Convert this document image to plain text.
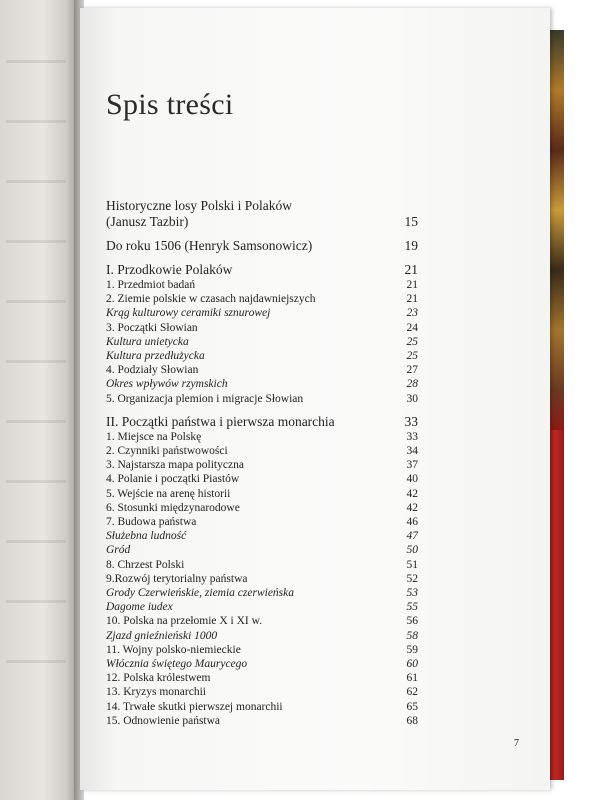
Spis treści
Historyczne losy Polski i Polaków
(Janusz Tazbir)	15
Do roku 1506 (Henryk Samsonowicz)	19
I. Przodkowie Polaków	21
1. Przedmiot badań	21
2. Ziemie polskie w czasach najdawniejszych	21
Krąg kulturowy ceramiki sznurowej	23
3. Początki Słowian	24
Kultura unietycka	25
Kultura przedłużycka	25
4. Podziały Słowian	27
Okres wpływów rzymskich	28
5. Organizacja plemion i migracje Słowian	30
II. Początki państwa i pierwsza monarchia	33
1. Miejsce na Polskę	33
2. Czynniki państwowości	34
3. Najstarsza mapa polityczna	37
4. Polanie i początki Piastów	40
5. Wejście na arenę historii	42
6. Stosunki międzynarodowe	42
7. Budowa państwa	46
Służebna ludność	47
Gród	50
8. Chrzest Polski	51
9.Rozwój terytorialny państwa	52
Grody Czerwieńskie, ziemia czerwieńska	53
Dagome iudex	55
10. Polska na przełomie X i XI w.	56
Zjazd gnieźnieński 1000	58
11. Wojny polsko-niemieckie	59
Włócznia świętego Maurycego	60
12. Polska królestwem	61
13. Kryzys monarchii	62
14. Trwałe skutki pierwszej monarchii	65
15. Odnowienie państwa	68
7
